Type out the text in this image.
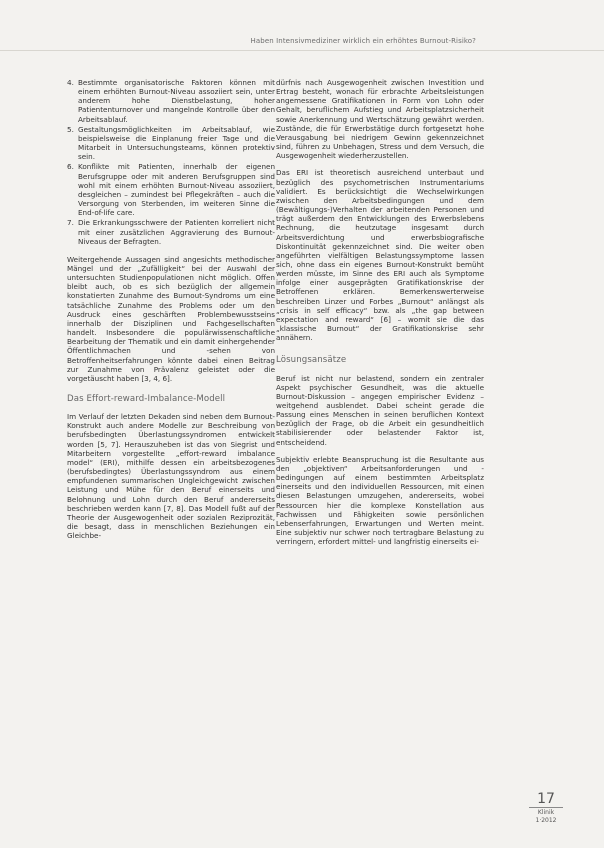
Haben Intensivmediziner wirklich ein erhöhtes Burnout-Risiko?
4. Bestimmte organisatorische Faktoren können mit einem erhöhten Burnout-Niveau assoziiert sein, unter anderem hohe Dienstbelastung, hoher Patiententurnover und mangelnde Kontrolle über den Arbeitsablauf.
5. Gestaltungsmöglichkeiten im Arbeitsablauf, wie beispielsweise die Einplanung freier Tage und die Mitarbeit in Untersuchungsteams, können protektiv sein.
6. Konflikte mit Patienten, innerhalb der eigenen Berufsgruppe oder mit anderen Berufsgruppen sind wohl mit einem erhöhten Burnout-Niveau assoziiert, desgleichen – zumindest bei Pflegekräften – auch die Versorgung von Sterbenden, im weiteren Sinne die End-of-life care.
7. Die Erkrankungsschwere der Patienten korreliert nicht mit einer zusätzlichen Aggravierung des Burnout-Niveaus der Befragten.

Weitergehende Aussagen sind angesichts methodischer Mängel und der „Zufälligkeit“ bei der Auswahl der untersuchten Studienpopulationen nicht möglich. Offen bleibt auch, ob es sich bezüglich der allgemein konstatierten Zunahme des Burnout-Syndroms um eine tatsächliche Zunahme des Problems oder um den Ausdruck eines geschärften Problembewusstseins innerhalb der Disziplinen und Fachgesellschaften handelt. Insbesondere die populärwissenschaftliche Bearbeitung der Thematik und ein damit einhergehender Öffentlichmachen und -sehen von Betroffenheitserfahrungen könnte dabei einen Beitrag zur Zunahme von Prävalenz geleistet oder die vorgetäuscht haben [3, 4, 6].

Das Effort-reward-Imbalance-Modell

Im Verlauf der letzten Dekaden sind neben dem Burnout-Konstrukt auch andere Modelle zur Beschreibung von berufsbedingten Überlastungssyndromen entwickelt worden [5, 7]. Herauszuheben ist das von Siegrist und Mitarbeitern vorgestellte „effort-reward imbalance model“ (ERI), mithilfe dessen ein arbeitsbezogenes (berufsbedingtes) Überlastungssyndrom aus einem empfundenen summarischen Ungleichgewicht zwischen Leistung und Mühe für den Beruf einerseits und Belohnung und Lohn durch den Beruf andererseits beschrieben werden kann [7, 8]. Das Modell fußt auf der Theorie der Ausgewogenheit oder sozialen Reziprozität, die besagt, dass in menschlichen Beziehungen ein Gleichbe-

dürfnis nach Ausgewogenheit zwischen Investition und Ertrag besteht, wonach für erbrachte Arbeitsleistungen angemessene Gratifikationen in Form von Lohn oder Gehalt, beruflichem Aufstieg und Arbeitsplatzsicherheit sowie Anerkennung und Wertschätzung gewährt werden. Zustände, die für Erwerbstätige durch fortgesetzt hohe Verausgabung bei niedrigem Gewinn gekennzeichnet sind, führen zu Unbehagen, Stress und dem Versuch, die Ausgewogenheit wiederherzustellen.

Das ERI ist theoretisch ausreichend unterbaut und bezüglich des psychometrischen Instrumentariums validiert. Es berücksichtigt die Wechselwirkungen zwischen den Arbeitsbedingungen und dem (Bewältigungs-)Verhalten der arbeitenden Personen und trägt außerdem den Entwicklungen des Erwerbslebens Rechnung, die heutzutage insgesamt durch Arbeitsverdichtung und erwerbsbiografische Diskontinuität gekennzeichnet sind. Die weiter oben angeführten vielfältigen Belastungssymptome lassen sich, ohne dass ein eigenes Burnout-Konstrukt bemüht werden müsste, im Sinne des ERI auch als Symptome infolge einer ausgeprägten Gratifikationskrise der Betroffenen erklären. Bemerkenswerterweise beschreiben Linzer und Forbes „Burnout“ anlängst als „crisis in self efficacy“ bzw. als „the gap between expectation and reward“ [6] – womit sie die das „klassische Burnout“ der Gratifikationskrise sehr annähern.

Lösungsansätze

Beruf ist nicht nur belastend, sondern ein zentraler Aspekt psychischer Gesundheit, was die aktuelle Burnout-Diskussion – angegen empirischer Evidenz – weitgehend ausblendet. Dabei scheint gerade die Passung eines Menschen in seinen beruflichen Kontext bezüglich der Frage, ob die Arbeit ein gesundheitlich stabilisierender oder belastender Faktor ist, entscheidend.

Subjektiv erlebte Beanspruchung ist die Resultante aus den „objektiven“ Arbeitsanforderungen und -bedingungen auf einem bestimmten Arbeitsplatz einerseits und den individuellen Ressourcen, mit einen diesen Belastungen umzugehen, andererseits, wobei Ressourcen hier die komplexe Konstellation aus Fachwissen und Fähigkeiten sowie persönlichen Lebenserfahrungen, Erwartungen und Werten meint. Eine subjektiv nur schwer noch tertragbare Belastung zu verringern, erfordert mittel- und langfristig einerseits ei-

17
Klinik
1·2012
